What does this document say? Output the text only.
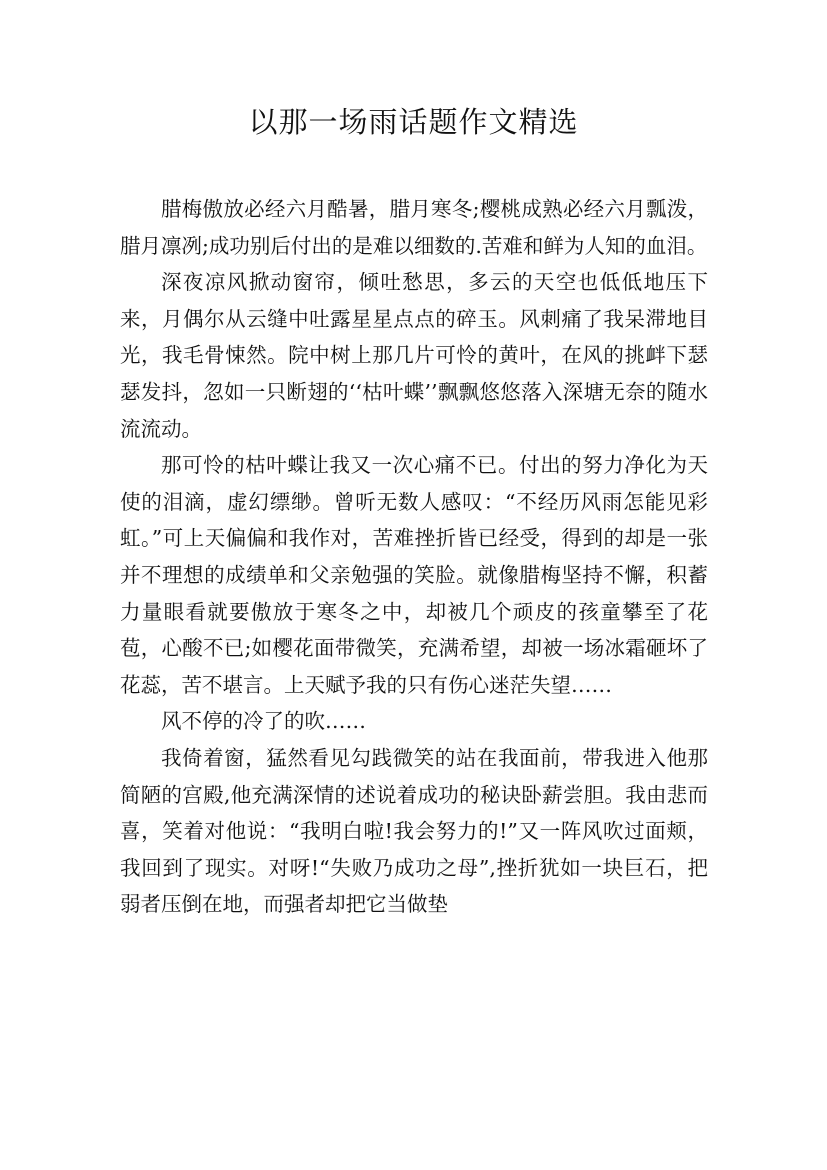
以那一场雨话题作文精选

腊梅傲放必经六月酷暑，腊月寒冬;樱桃成熟必经六月瓢泼，腊月凛冽;成功别后付出的是难以细数的.苦难和鲜为人知的血泪。

深夜凉风掀动窗帘，倾吐愁思，多云的天空也低低地压下来，月偶尔从云缝中吐露星星点点的碎玉。风刺痛了我呆滞地目光，我毛骨悚然。院中树上那几片可怜的黄叶，在风的挑衅下瑟瑟发抖，忽如一只断翅的‘‘枯叶蝶’’飘飘悠悠落入深塘无奈的随水流流动。

那可怜的枯叶蝶让我又一次心痛不已。付出的努力净化为天使的泪滴，虚幻缥缈。曾听无数人感叹：“不经历风雨怎能见彩虹。”可上天偏偏和我作对，苦难挫折皆已经受，得到的却是一张并不理想的成绩单和父亲勉强的笑脸。就像腊梅坚持不懈，积蓄力量眼看就要傲放于寒冬之中，却被几个顽皮的孩童攀至了花苞，心酸不已;如樱花面带微笑，充满希望，却被一场冰霜砸坏了花蕊，苦不堪言。上天赋予我的只有伤心迷茫失望……

风不停的冷了的吹……

我倚着窗，猛然看见勾践微笑的站在我面前，带我进入他那简陋的宫殿,他充满深情的述说着成功的秘诀卧薪尝胆。我由悲而喜，笑着对他说：“我明白啦!我会努力的!”又一阵风吹过面颊，我回到了现实。对呀!“失败乃成功之母”,挫折犹如一块巨石，把弱者压倒在地，而强者却把它当做垫
